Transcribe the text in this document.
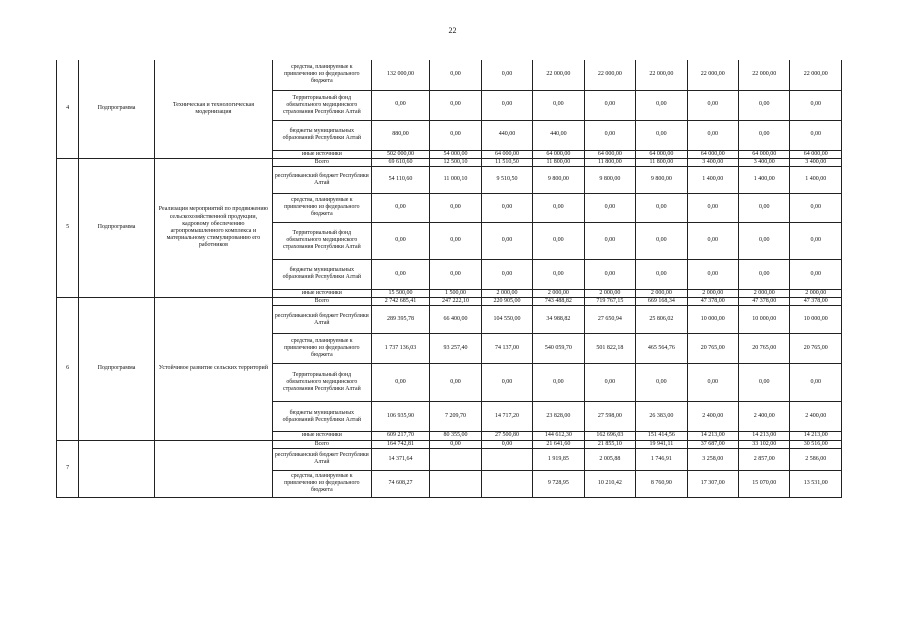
22
4	Подпрограмма	Техническая и технологическая модернизация	средства, планируемые к привлечению из федерального бюджета	132 000,00	0,00	0,00	22 000,00	22 000,00	22 000,00	22 000,00	22 000,00	22 000,00
			Территориальный фонд обязательного медицинского страхования Республики Алтай	0,00	0,00	0,00	0,00	0,00	0,00	0,00	0,00	0,00
			бюджеты муниципальных образований Республики Алтай	880,00	0,00	440,00	440,00	0,00	0,00	0,00	0,00	0,00
			иные источники	502 000,00	54 000,00	64 000,00	64 000,00	64 000,00	64 000,00	64 000,00	64 000,00	64 000,00
5	Подпрограмма	Реализация мероприятий по продвижению сельскохозяйственной продукции, кадровому обеспечению агропромышленного комплекса и материальному стимулированию его работников	Всего	69 610,60	12 500,10	11 510,50	11 800,00	11 800,00	11 800,00	3 400,00	3 400,00	3 400,00
			республиканский бюджет Республики Алтай	54 110,60	11 000,10	9 510,50	9 800,00	9 800,00	9 800,00	1 400,00	1 400,00	1 400,00
			средства, планируемые к привлечению из федерального бюджета	0,00	0,00	0,00	0,00	0,00	0,00	0,00	0,00	0,00
			Территориальный фонд обязательного медицинского страхования Республики Алтай	0,00	0,00	0,00	0,00	0,00	0,00	0,00	0,00	0,00
			бюджеты муниципальных образований Республики Алтай	0,00	0,00	0,00	0,00	0,00	0,00	0,00	0,00	0,00
			иные источники	15 500,00	1 500,00	2 000,00	2 000,00	2 000,00	2 000,00	2 000,00	2 000,00	2 000,00
6	Подпрограмма	Устойчивое развитие сельских территорий	Всего	2 742 685,41	247 222,10	220 905,00	743 488,82	719 767,15	669 168,34	47 378,00	47 378,00	47 378,00
			республиканский бюджет Республики Алтай	289 395,78	66 400,00	104 550,00	34 988,82	27 650,94	25 806,02	10 000,00	10 000,00	10 000,00
			средства, планируемые к привлечению из федерального бюджета	1 737 136,03	93 257,40	74 137,00	540 059,70	501 822,18	465 564,76	20 765,00	20 765,00	20 765,00
			Территориальный фонд обязательного медицинского страхования Республики Алтай	0,00	0,00	0,00	0,00	0,00	0,00	0,00	0,00	0,00
			бюджеты муниципальных образований Республики Алтай	106 935,90	7 209,70	14 717,20	23 828,00	27 598,00	26 383,00	2 400,00	2 400,00	2 400,00
			иные источники	609 217,70	80 355,00	27 500,80	144 612,30	162 696,03	151 414,56	14 213,00	14 213,00	14 213,00
7			Всего	164 742,81	0,00	0,00	21 641,60	21 855,10	19 941,11	37 687,00	33 102,00	30 516,00
			республиканский бюджет Республики Алтай	14 371,64			1 919,85	2 005,88	1 746,91	3 258,00	2 857,00	2 586,00
			средства, планируемые к привлечению из федерального бюджета	74 608,27			9 728,95	10 210,42	8 760,90	17 307,00	15 070,00	13 531,00
